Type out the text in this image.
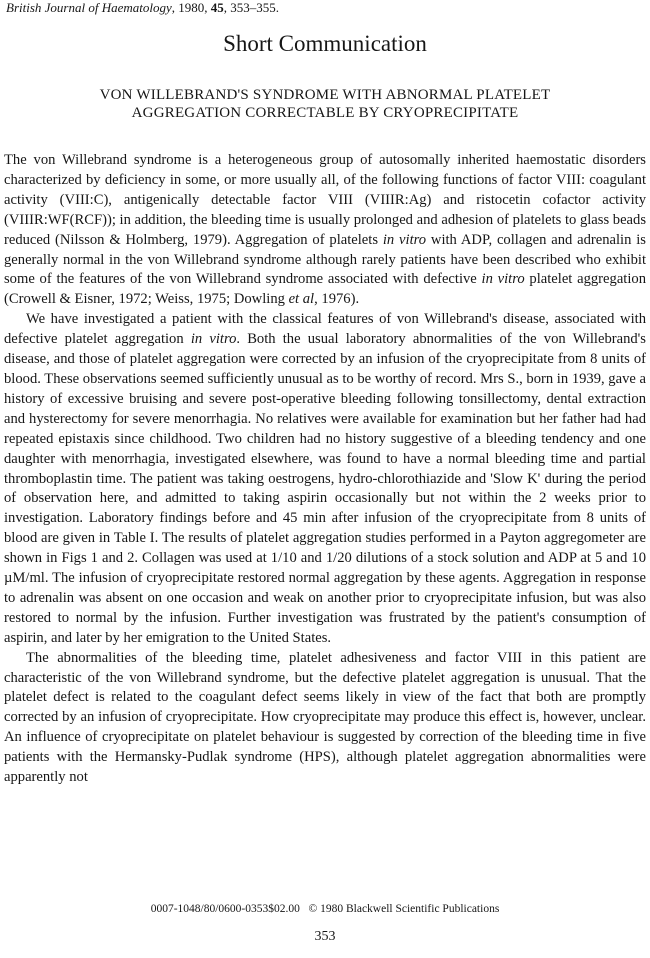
British Journal of Haematology, 1980, 45, 353–355.
Short Communication
VON WILLEBRAND'S SYNDROME WITH ABNORMAL PLATELET
AGGREGATION CORRECTABLE BY CRYOPRECIPITATE

The von Willebrand syndrome is a heterogeneous group of autosomally inherited haemostatic disorders characterized by deficiency in some, or more usually all, of the following functions of factor VIII: coagulant activity (VIII:C), antigenically detectable factor VIII (VIIIR:Ag) and ristocetin cofactor activity (VIIIR:WF(RCF)); in addition, the bleeding time is usually prolonged and adhesion of platelets to glass beads reduced (Nilsson & Holmberg, 1979). Aggregation of platelets in vitro with ADP, collagen and adrenalin is generally normal in the von Willebrand syndrome although rarely patients have been described who exhibit some of the features of the von Willebrand syndrome associated with defective in vitro platelet aggregation (Crowell & Eisner, 1972; Weiss, 1975; Dowling et al, 1976).

We have investigated a patient with the classical features of von Willebrand's disease, associated with defective platelet aggregation in vitro. Both the usual laboratory abnormalities of the von Willebrand's disease, and those of platelet aggregation were corrected by an infusion of the cryoprecipitate from 8 units of blood. These observations seemed sufficiently unusual as to be worthy of record. Mrs S., born in 1939, gave a history of excessive bruising and severe post-operative bleeding following tonsillectomy, dental extraction and hysterectomy for severe menorrhagia. No relatives were available for examination but her father had had repeated epistaxis since childhood. Two children had no history suggestive of a bleeding tendency and one daughter with menorrhagia, investigated elsewhere, was found to have a normal bleeding time and partial thromboplastin time. The patient was taking oestrogens, hydro-chlorothiazide and 'Slow K' during the period of observation here, and admitted to taking aspirin occasionally but not within the 2 weeks prior to investigation. Laboratory findings before and 45 min after infusion of the cryoprecipitate from 8 units of blood are given in Table I. The results of platelet aggregation studies performed in a Payton aggregometer are shown in Figs 1 and 2. Collagen was used at 1/10 and 1/20 dilutions of a stock solution and ADP at 5 and 10 µM/ml. The infusion of cryoprecipitate restored normal aggregation by these agents. Aggregation in response to adrenalin was absent on one occasion and weak on another prior to cryoprecipitate infusion, but was also restored to normal by the infusion. Further investigation was frustrated by the patient's consumption of aspirin, and later by her emigration to the United States.

The abnormalities of the bleeding time, platelet adhesiveness and factor VIII in this patient are characteristic of the von Willebrand syndrome, but the defective platelet aggregation is unusual. That the platelet defect is related to the coagulant defect seems likely in view of the fact that both are promptly corrected by an infusion of cryoprecipitate. How cryoprecipitate may produce this effect is, however, unclear. An influence of cryoprecipitate on platelet behaviour is suggested by correction of the bleeding time in five patients with the Hermansky-Pudlak syndrome (HPS), although platelet aggregation abnormalities were apparently not

0007-1048/80/0600-0353$02.00 © 1980 Blackwell Scientific Publications
353
